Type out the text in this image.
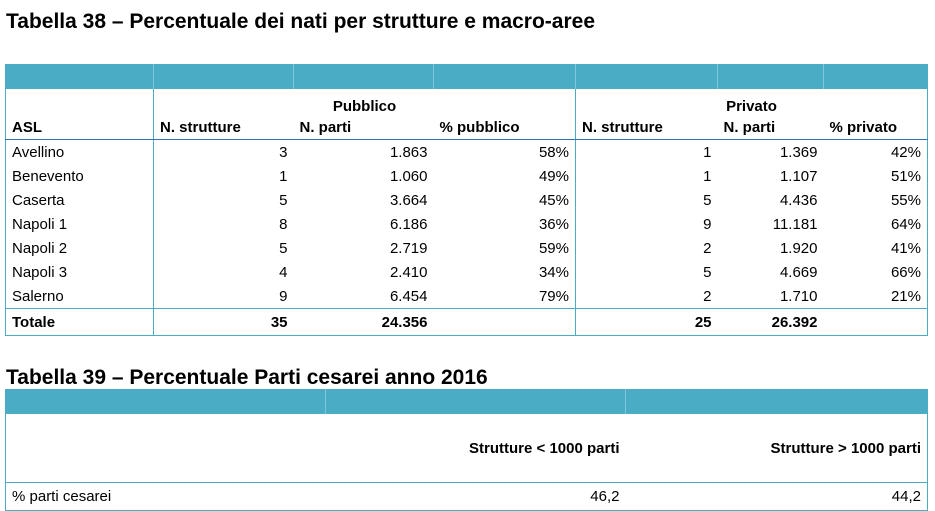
Tabella 38 – Percentuale dei nati per strutture e macro-aree

	Pubblico			Privato		
ASL	N. strutture	N. parti	% pubblico	N. strutture	N. parti	% privato
Avellino	3	1.863	58%	1	1.369	42%
Benevento	1	1.060	49%	1	1.107	51%
Caserta	5	3.664	45%	5	4.436	55%
Napoli 1	8	6.186	36%	9	11.181	64%
Napoli 2	5	2.719	59%	2	1.920	41%
Napoli 3	4	2.410	34%	5	4.669	66%
Salerno	9	6.454	79%	2	1.710	21%
Totale	35	24.356		25	26.392	
Tabella 39 – Percentuale Parti cesarei anno 2016

	Strutture < 1000 parti	Strutture > 1000 parti
% parti cesarei	46,2	44,2
